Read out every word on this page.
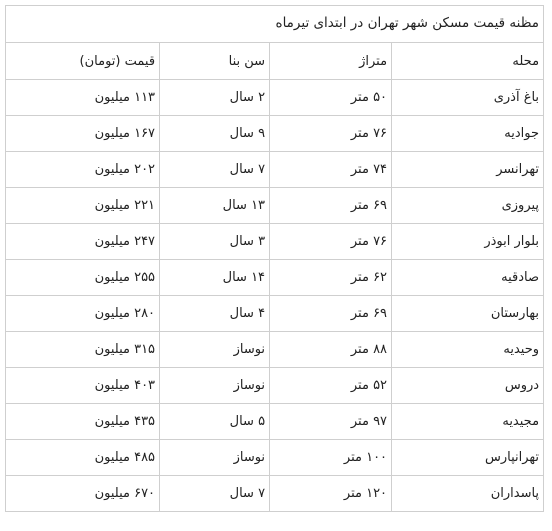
مظنه قیمت مسکن شهر تهران در ابتدای تیرماه			
محله	متراژ	سن بنا	قیمت (تومان)
باغ آذری	۵۰ متر	۲ سال	۱۱۳ میلیون
جوادیه	۷۶ متر	۹ سال	۱۶۷ میلیون
تهرانسر	۷۴ متر	۷ سال	۲۰۲ میلیون
پیروزی	۶۹ متر	۱۳ سال	۲۲۱ میلیون
بلوار ابوذر	۷۶ متر	۳ سال	۲۴۷ میلیون
صادقیه	۶۲ متر	۱۴ سال	۲۵۵ میلیون
بهارستان	۶۹ متر	۴ سال	۲۸۰ میلیون
وحیدیه	۸۸ متر	نوساز	۳۱۵ میلیون
دروس	۵۲ متر	نوساز	۴۰۳ میلیون
مجیدیه	۹۷ متر	۵ سال	۴۳۵ میلیون
تهرانپارس	۱۰۰ متر	نوساز	۴۸۵ میلیون
پاسداران	۱۲۰ متر	۷ سال	۶۷۰ میلیون
